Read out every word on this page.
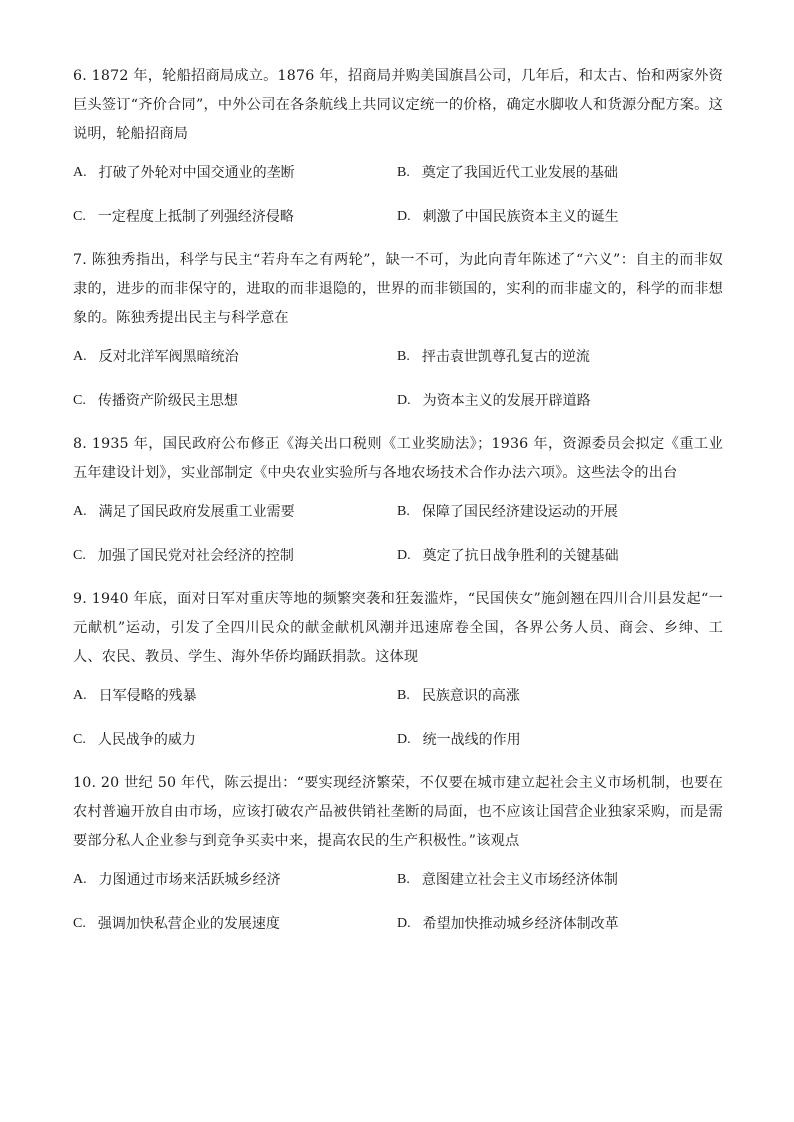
6. 1872 年，轮船招商局成立。1876 年，招商局并购美国旗昌公司，几年后，和太古、怡和两家外资巨头签订“齐价合同”，中外公司在各条航线上共同议定统一的价格，确定水脚收人和货源分配方案。这说明，轮船招商局

A. 打破了外轮对中国交通业的垄断	B. 奠定了我国近代工业发展的基础
C. 一定程度上抵制了列强经济侵略	D. 刺激了中国民族资本主义的诞生

7. 陈独秀指出，科学与民主“若舟车之有两轮”，缺一不可，为此向青年陈述了“六义”：自主的而非奴隶的，进步的而非保守的，进取的而非退隐的，世界的而非锁国的，实利的而非虚文的，科学的而非想象的。陈独秀提出民主与科学意在

A. 反对北洋军阀黑暗统治	B. 抨击袁世凯尊孔复古的逆流
C. 传播资产阶级民主思想	D. 为资本主义的发展开辟道路

8. 1935 年，国民政府公布修正《海关出口税则《工业奖励法》；1936 年，资源委员会拟定《重工业五年建设计划》，实业部制定《中央农业实验所与各地农场技术合作办法六项》。这些法令的出台

A. 满足了国民政府发展重工业需要	B. 保障了国民经济建设运动的开展
C. 加强了国民党对社会经济的控制	D. 奠定了抗日战争胜利的关键基础

9. 1940 年底，面对日军对重庆等地的频繁突袭和狂轰滥炸，“民国侠女”施剑翘在四川合川县发起“一元献机”运动，引发了全四川民众的献金献机风潮并迅速席卷全国，各界公务人员、商会、乡绅、工人、农民、教员、学生、海外华侨均踊跃捐款。这体现

A. 日军侵略的残暴	B. 民族意识的高涨
C. 人民战争的威力	D. 统一战线的作用

10. 20 世纪 50 年代，陈云提出：“要实现经济繁荣，不仅要在城市建立起社会主义市场机制，也要在农村普遍开放自由市场，应该打破农产品被供销社垄断的局面，也不应该让国营企业独家采购，而是需要部分私人企业参与到竞争买卖中来，提高农民的生产积极性。”该观点

A. 力图通过市场来活跃城乡经济	B. 意图建立社会主义市场经济体制
C. 强调加快私营企业的发展速度	D. 希望加快推动城乡经济体制改革
